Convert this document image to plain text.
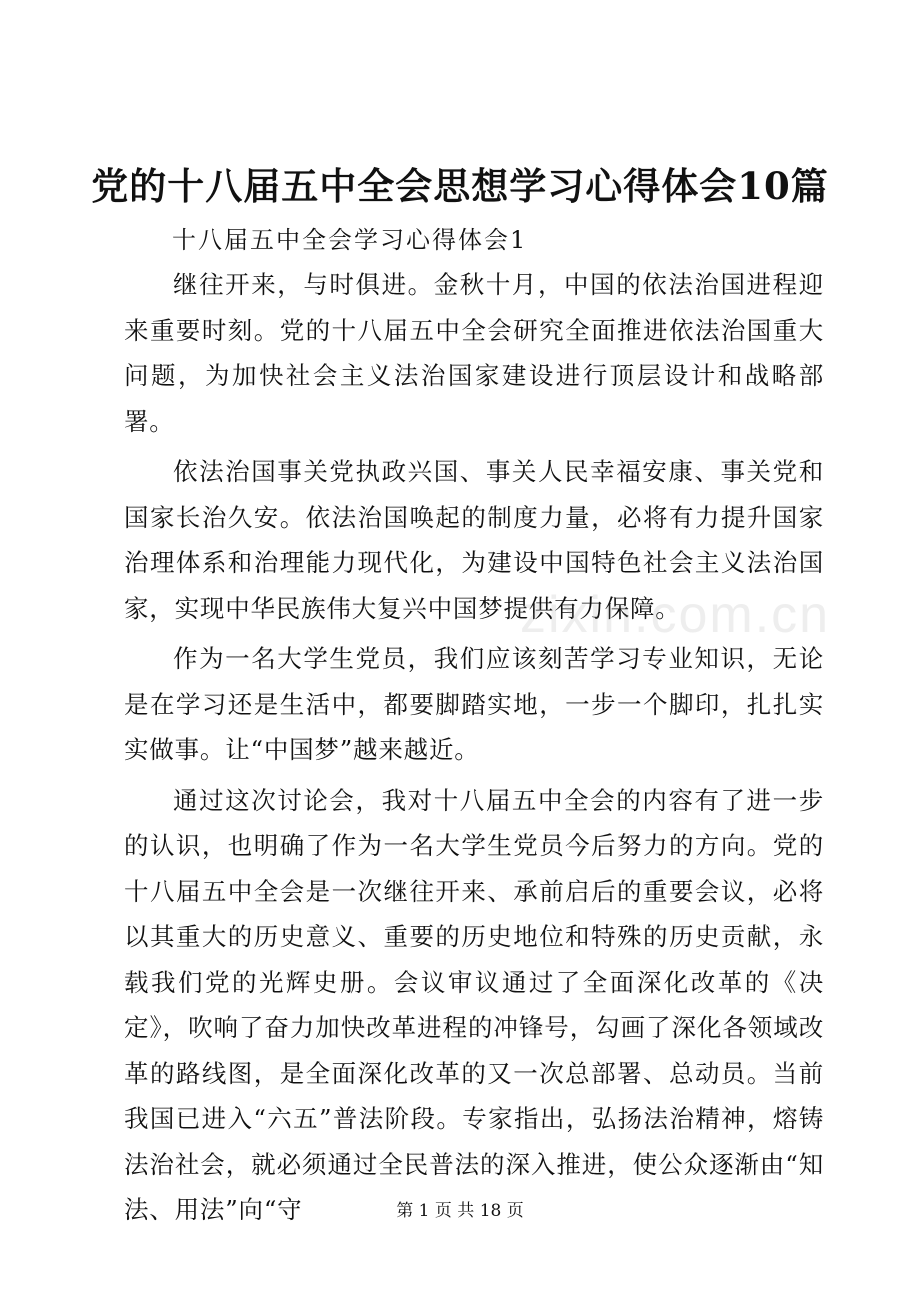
党的十八届五中全会思想学习心得体会10篇

十八届五中全会学习心得体会1

继往开来，与时俱进。金秋十月，中国的依法治国进程迎来重要时刻。党的十八届五中全会研究全面推进依法治国重大问题，为加快社会主义法治国家建设进行顶层设计和战略部署。

依法治国事关党执政兴国、事关人民幸福安康、事关党和国家长治久安。依法治国唤起的制度力量，必将有力提升国家治理体系和治理能力现代化，为建设中国特色社会主义法治国家，实现中华民族伟大复兴中国梦提供有力保障。

作为一名大学生党员，我们应该刻苦学习专业知识，无论是在学习还是生活中，都要脚踏实地，一步一个脚印，扎扎实实做事。让“中国梦”越来越近。

通过这次讨论会，我对十八届五中全会的内容有了进一步的认识，也明确了作为一名大学生党员今后努力的方向。党的十八届五中全会是一次继往开来、承前启后的重要会议，必将以其重大的历史意义、重要的历史地位和特殊的历史贡献，永载我们党的光辉史册。会议审议通过了全面深化改革的《决定》，吹响了奋力加快改革进程的冲锋号，勾画了深化各领域改革的路线图，是全面深化改革的又一次总部署、总动员。当前我国已进入“六五”普法阶段。专家指出，弘扬法治精神，熔铸法治社会，就必须通过全民普法的深入推进，使公众逐渐由“知法、用法”向“守

zixin.com.cn
第 1 页 共 18 页
